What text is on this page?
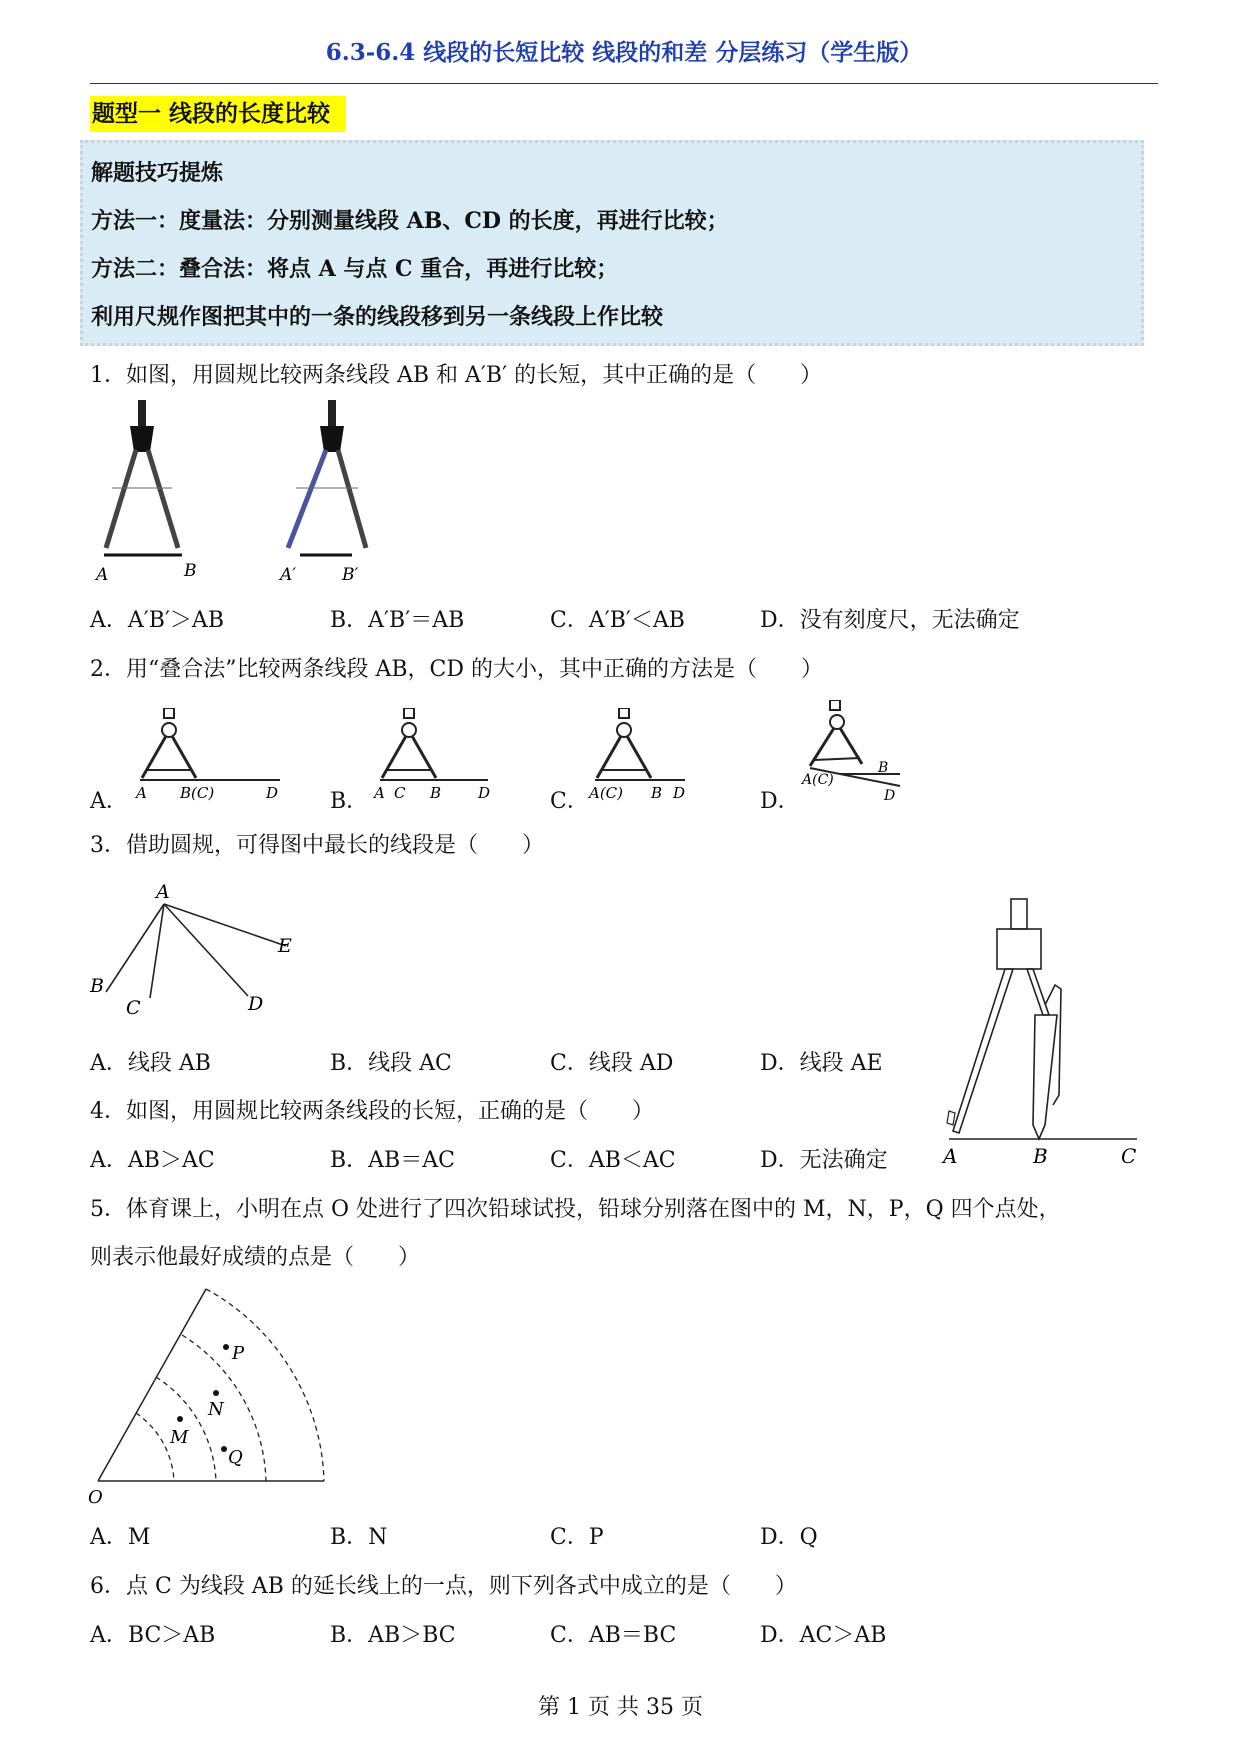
6.3-6.4 线段的长短比较 线段的和差 分层练习（学生版）
题型一 线段的长度比较
解题技巧提炼
方法一：度量法：分别测量线段 AB、CD 的长度，再进行比较；
方法二：叠合法：将点 A 与点 C 重合，再进行比较；
利用尺规作图把其中的一条的线段移到另一条线段上作比较
1．如图，用圆规比较两条线段 AB 和 A′B′ 的长短，其中正确的是（　　）
A	B	A′	B′
A．A′B′＞AB	B．A′B′＝AB	C．A′B′＜AB	D．没有刻度尺，无法确定
2．用“叠合法”比较两条线段 AB，CD 的大小，其中正确的方法是（　　）
A． A B(C)	D B． A C B D	C． A(C) B D	D．
A(C)
B
D
3．借助圆规，可得图中最长的线段是（　　）
A
B
C	D
E
A．线段 AB	B．线段 AC	C．线段 AD	D．线段 AE
A	B	C
4．如图，用圆规比较两条线段的长短，正确的是（　　）
A．AB＞AC	B．AB＝AC	C．AB＜AC	D．无法确定
5．体育课上，小明在点 O 处进行了四次铅球试投，铅球分别落在图中的 M，N，P，Q 四个点处，
则表示他最好成绩的点是（　　）
O
P
N
M
Q
A．M	B．N	C．P	D．Q
6．点 C 为线段 AB 的延长线上的一点，则下列各式中成立的是（　　）
A．BC＞AB	B．AB＞BC	C．AB＝BC	D．AC＞AB
第 1 页 共 35 页
